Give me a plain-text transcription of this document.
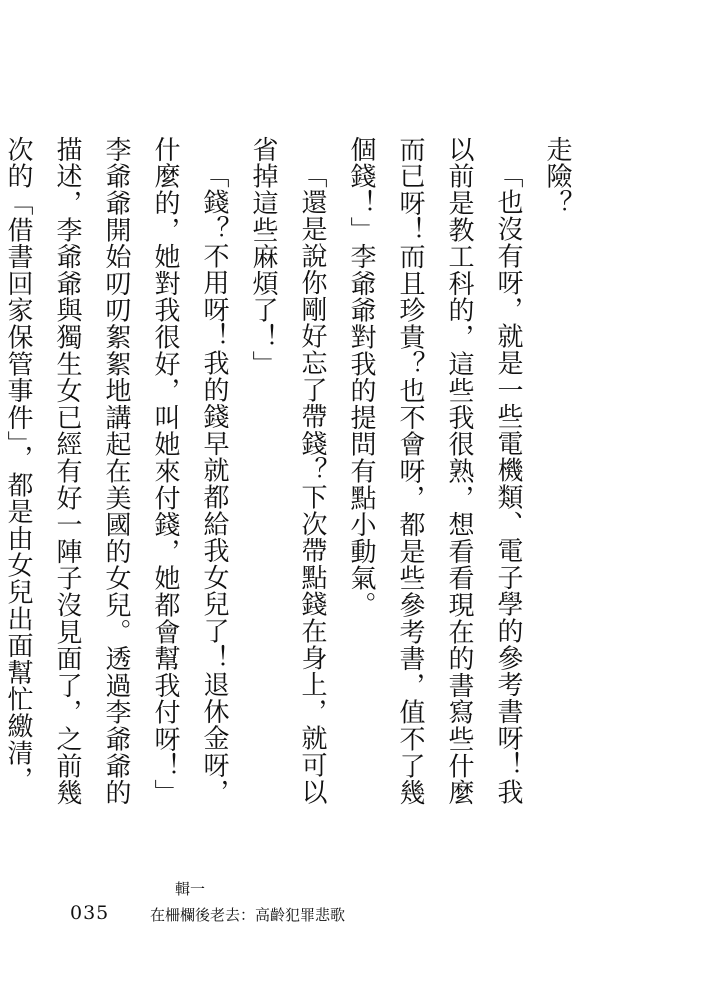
走險？

「也沒有呀，就是一些電機類、電子學的參考書呀！我以前是教工科的，這些我很熟，想看看現在的書寫些什麼而已呀！而且珍貴？也不會呀，都是些參考書，值不了幾個錢！」李爺爺對我的提問有點小動氣。

「還是說你剛好忘了帶錢？下次帶點錢在身上，就可以省掉這些麻煩了！」

「錢？不用呀！我的錢早就都給我女兒了！退休金呀，什麼的，她對我很好，叫她來付錢，她都會幫我付呀！」李爺爺開始叨叨絮絮地講起在美國的女兒。透過李爺爺的描述，李爺爺與獨生女已經有好一陣子沒見面了，之前幾次的「借書回家保管事件」，都是由女兒出面幫忙繳清，

輯一
035	在柵欄後老去：高齡犯罪悲歌
